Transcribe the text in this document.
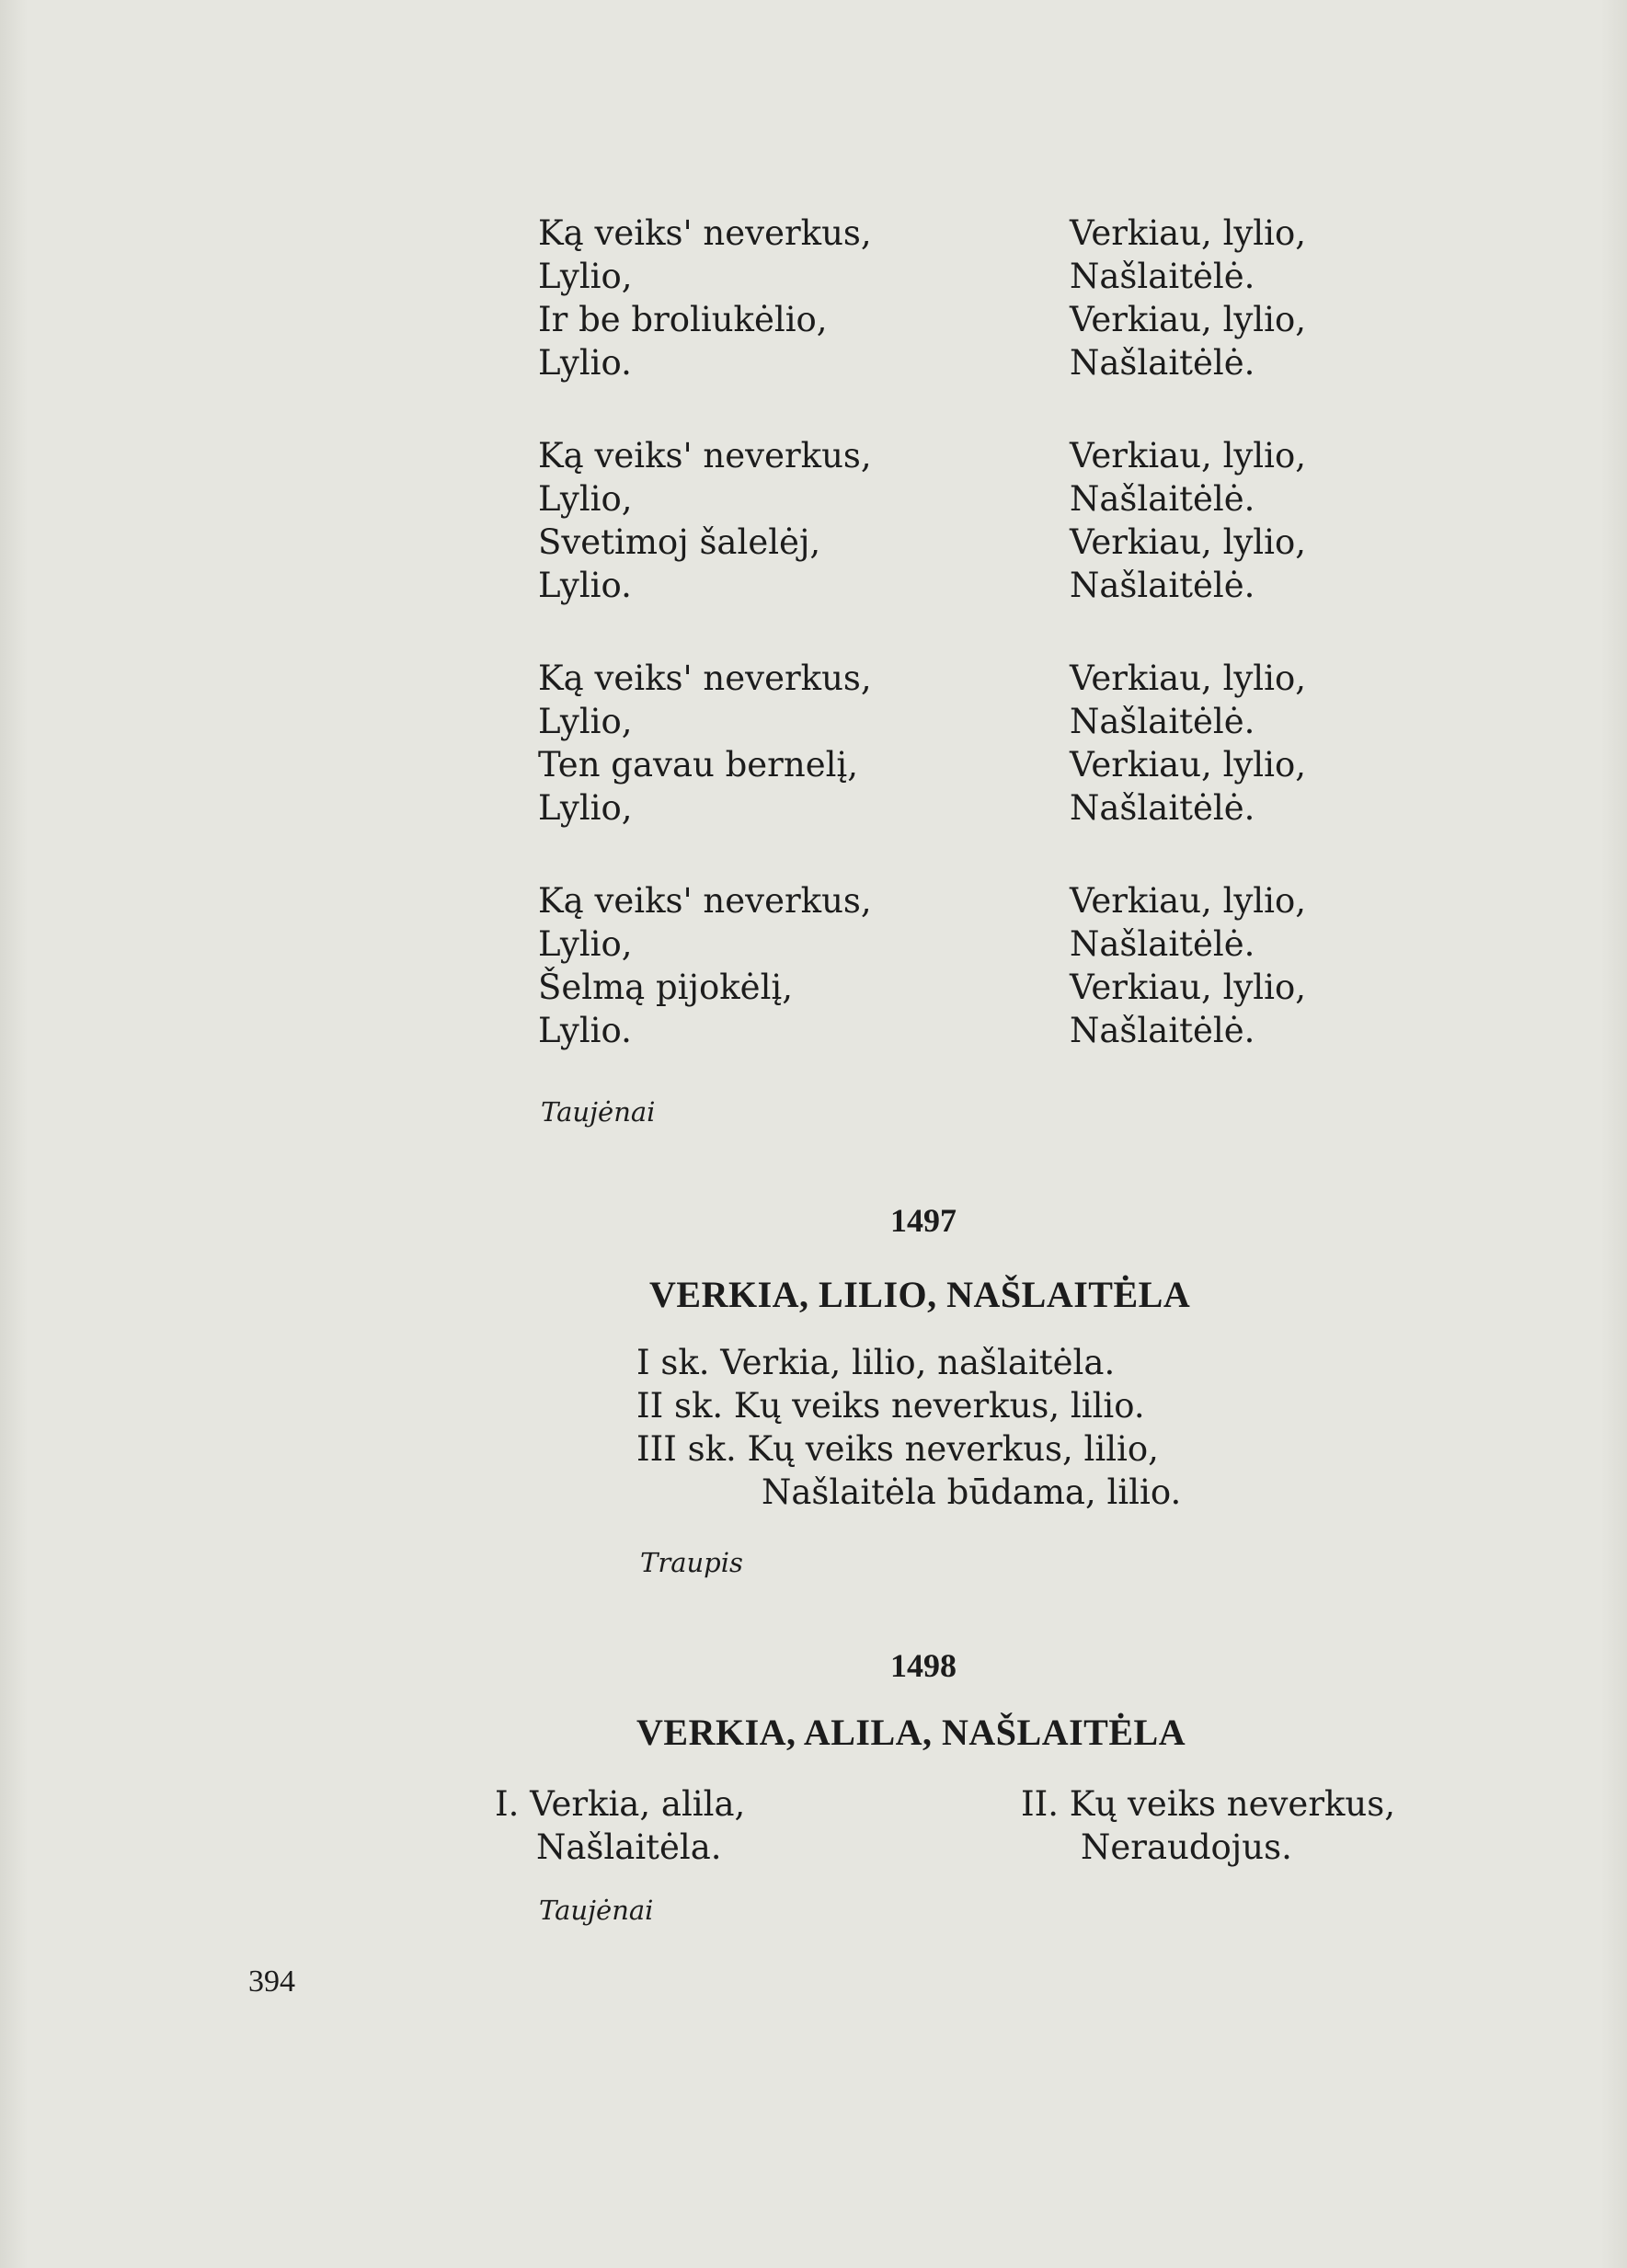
Ką veiks' neverkus,
Lylio,
Ir be broliukėlio,
Lylio.
Ką veiks' neverkus,
Lylio,
Svetimoj šalelėj,
Lylio.
Ką veiks' neverkus,
Lylio,
Ten gavau bernelį,
Lylio,
Ką veiks' neverkus,
Lylio,
Šelmą pijokėlį,
Lylio.
Verkiau, lylio,
Našlaitėlė.
Verkiau, lylio,
Našlaitėlė.
Verkiau, lylio,
Našlaitėlė.
Verkiau, lylio,
Našlaitėlė.
Verkiau, lylio,
Našlaitėlė.
Verkiau, lylio,
Našlaitėlė.
Verkiau, lylio,
Našlaitėlė.
Verkiau, lylio,
Našlaitėlė.
Taujėnai
1497
VERKIA, LILIO, NAŠLAITĖLA
I sk. Verkia, lilio, našlaitėla.
II sk. Kų veiks neverkus, lilio.
III sk. Kų veiks neverkus, lilio,
Našlaitėla būdama, lilio.
Traupis
1498
VERKIA, ALILA, NAŠLAITĖLA
I. Verkia, alila,
Našlaitėla.
II. Kų veiks neverkus,
Neraudojus.
Taujėnai
394
